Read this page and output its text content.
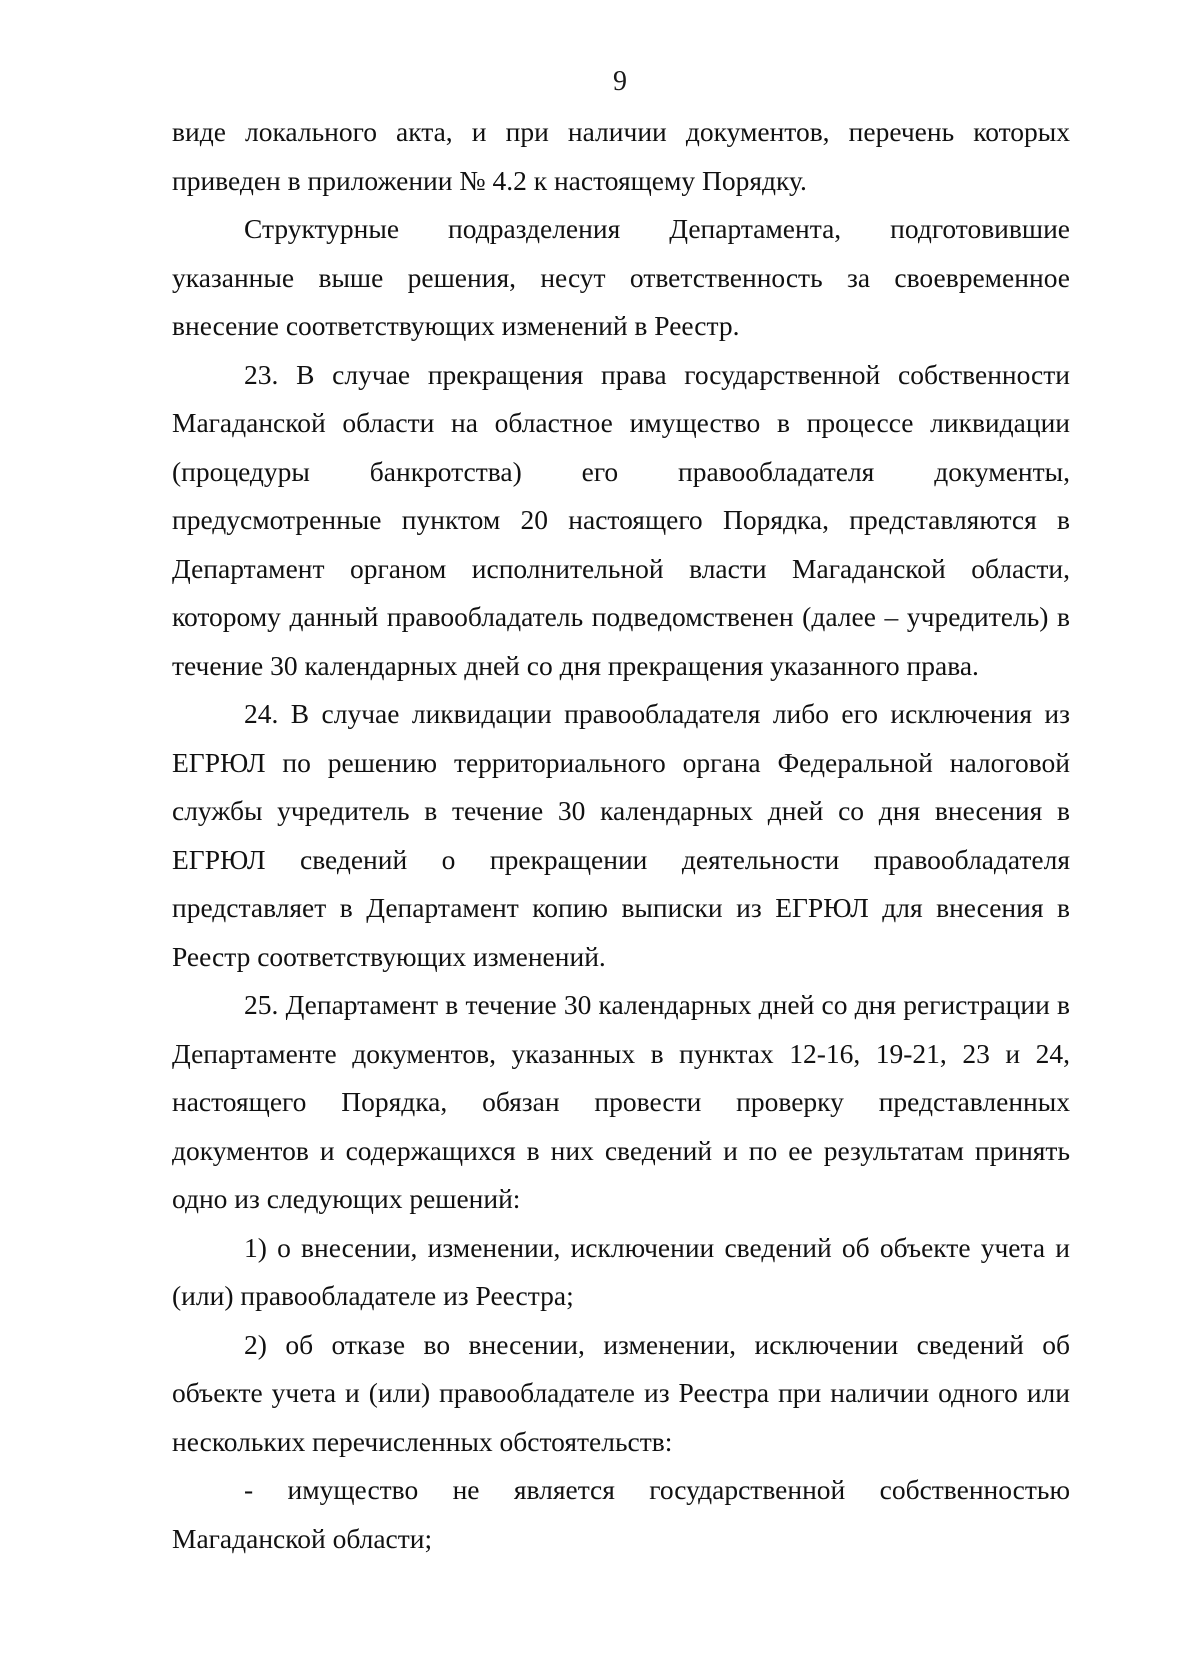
9

виде локального акта, и при наличии документов, перечень которых приведен в приложении № 4.2 к настоящему Порядку.

Структурные подразделения Департамента, подготовившие указанные выше решения, несут ответственность за своевременное внесение соответствующих изменений в Реестр.

23. В случае прекращения права государственной собственности Магаданской области на областное имущество в процессе ликвидации (процедуры банкротства) его правообладателя документы, предусмотренные пунктом 20 настоящего Порядка, представляются в Департамент органом исполнительной власти Магаданской области, которому данный правообладатель подведомственен (далее – учредитель) в течение 30 календарных дней со дня прекращения указанного права.

24. В случае ликвидации правообладателя либо его исключения из ЕГРЮЛ по решению территориального органа Федеральной налоговой службы учредитель в течение 30 календарных дней со дня внесения в ЕГРЮЛ сведений о прекращении деятельности правообладателя представляет в Департамент копию выписки из ЕГРЮЛ для внесения в Реестр соответствующих изменений.

25. Департамент в течение 30 календарных дней со дня регистрации в Департаменте документов, указанных в пунктах 12-16, 19-21, 23 и 24, настоящего Порядка, обязан провести проверку представленных документов и содержащихся в них сведений и по ее результатам принять одно из следующих решений:

1) о внесении, изменении, исключении сведений об объекте учета и (или) правообладателе из Реестра;

2) об отказе во внесении, изменении, исключении сведений об объекте учета и (или) правообладателе из Реестра при наличии одного или нескольких перечисленных обстоятельств:

- имущество не является государственной собственностью Магаданской области;
